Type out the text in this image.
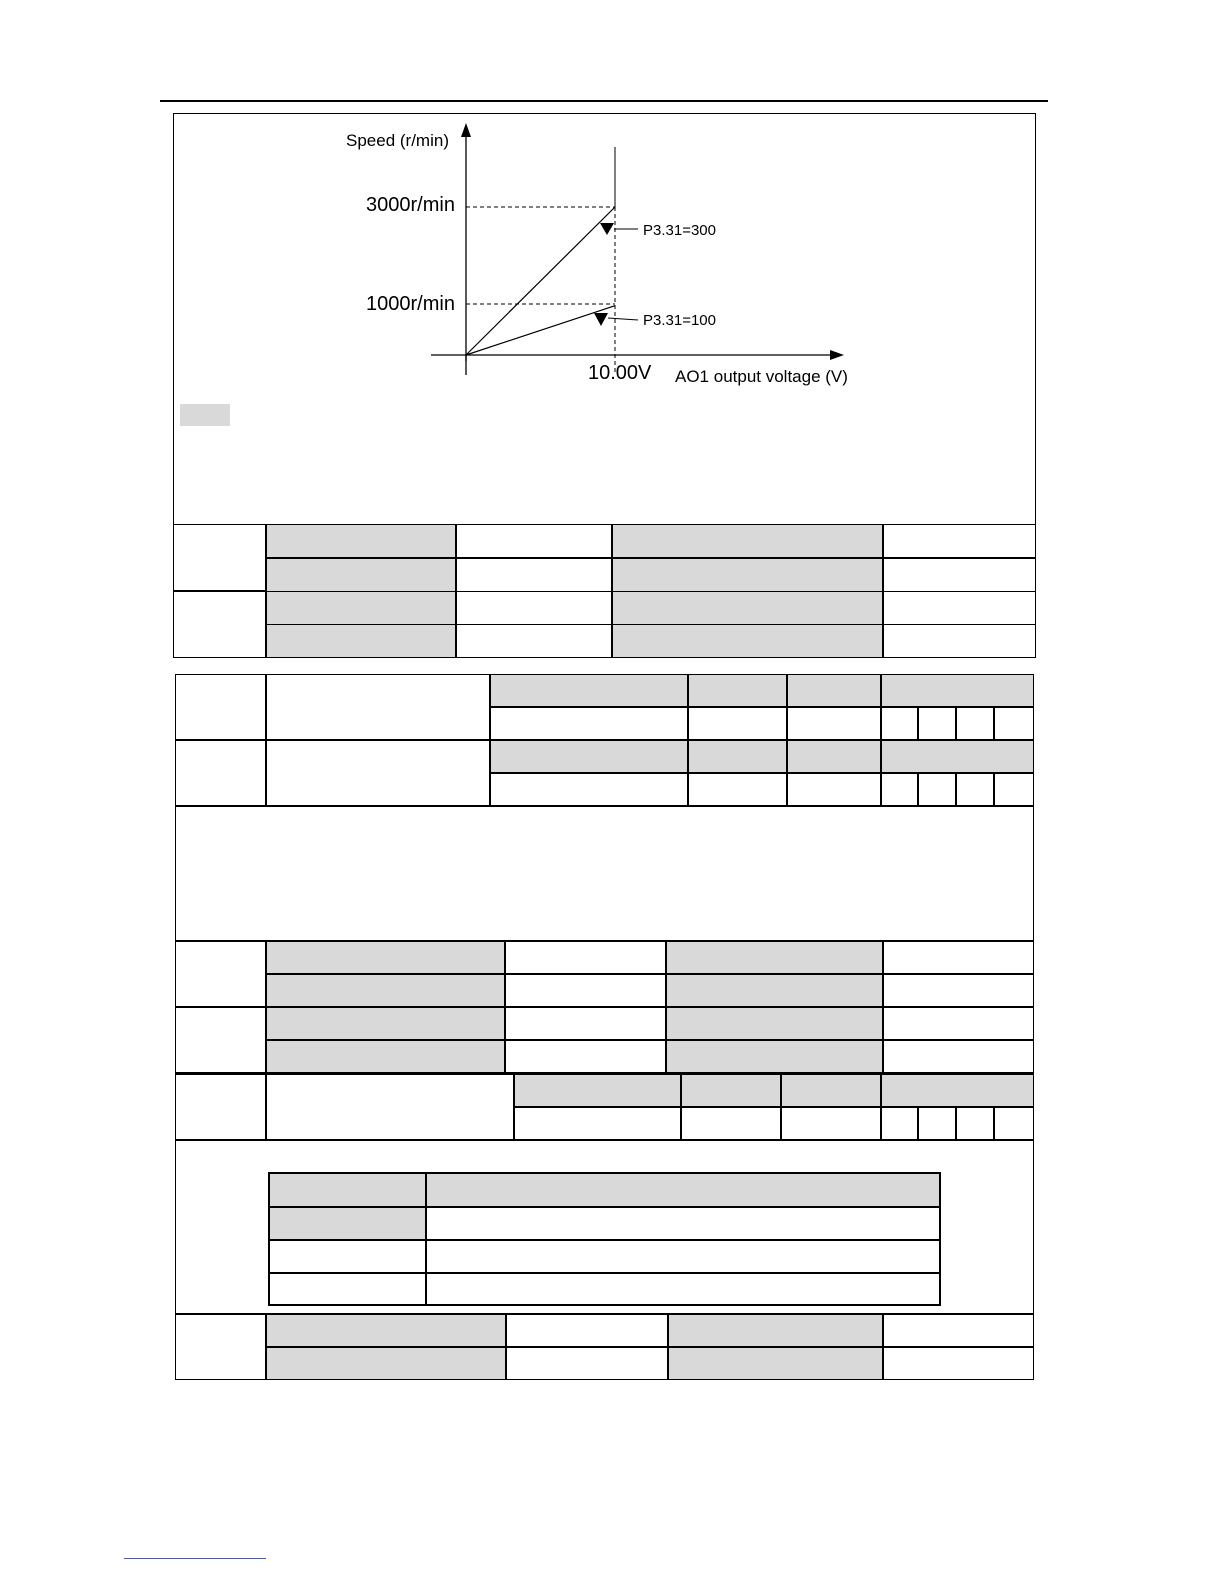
Speed (r/min)
3000r/min
1000r/min
10.00V AO1 output voltage (V)
P3.31=300
P3.31=100
